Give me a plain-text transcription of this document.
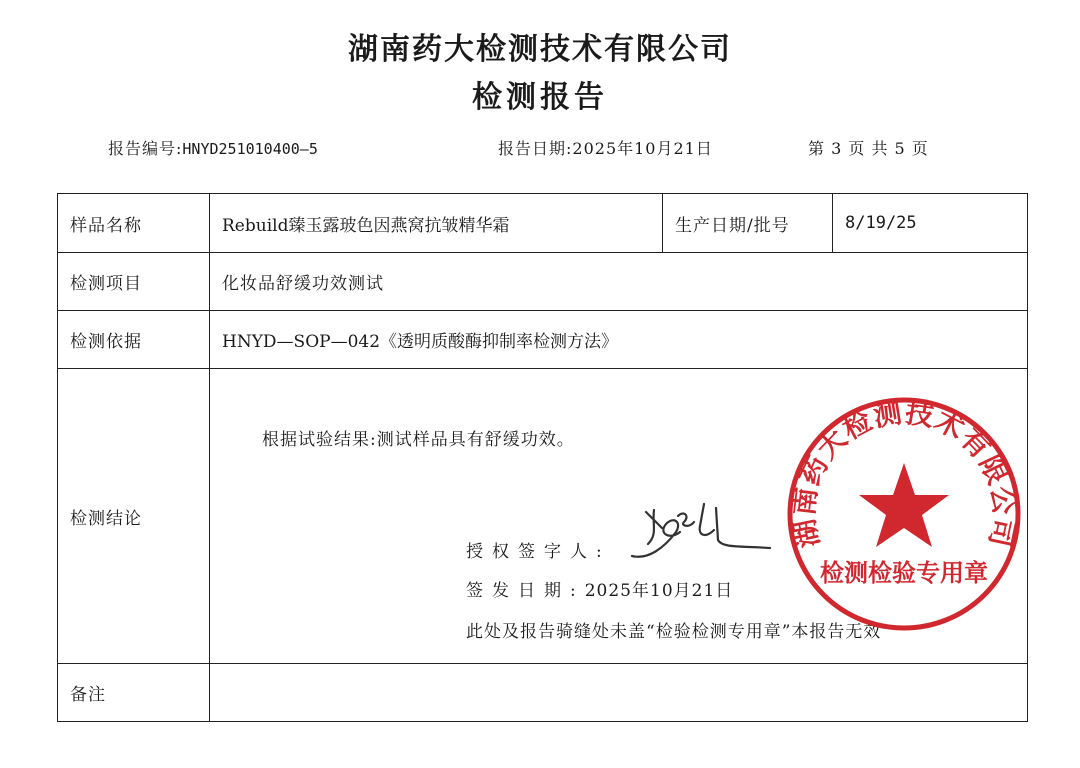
湖南药大检测技术有限公司
检测报告
报告编号:HNYD251010400—5	报告日期:2025年10月21日	第 3 页 共 5 页
样品名称	Rebuild臻玉露玻色因燕窝抗皱精华霜	生产日期/批号	8/19/25
检测项目	化妆品舒缓功效测试		
检测依据	HNYD—SOP—042《透明质酸酶抑制率检测方法》		
检测结论	根据试验结果:测试样品具有舒缓功效。
授权签字人:
签发日期:2025年10月21日
此处及报告骑缝处未盖“检验检测专用章”本报告无效		

备注			
湖南药大检测技术有限公司
检测检验专用章
